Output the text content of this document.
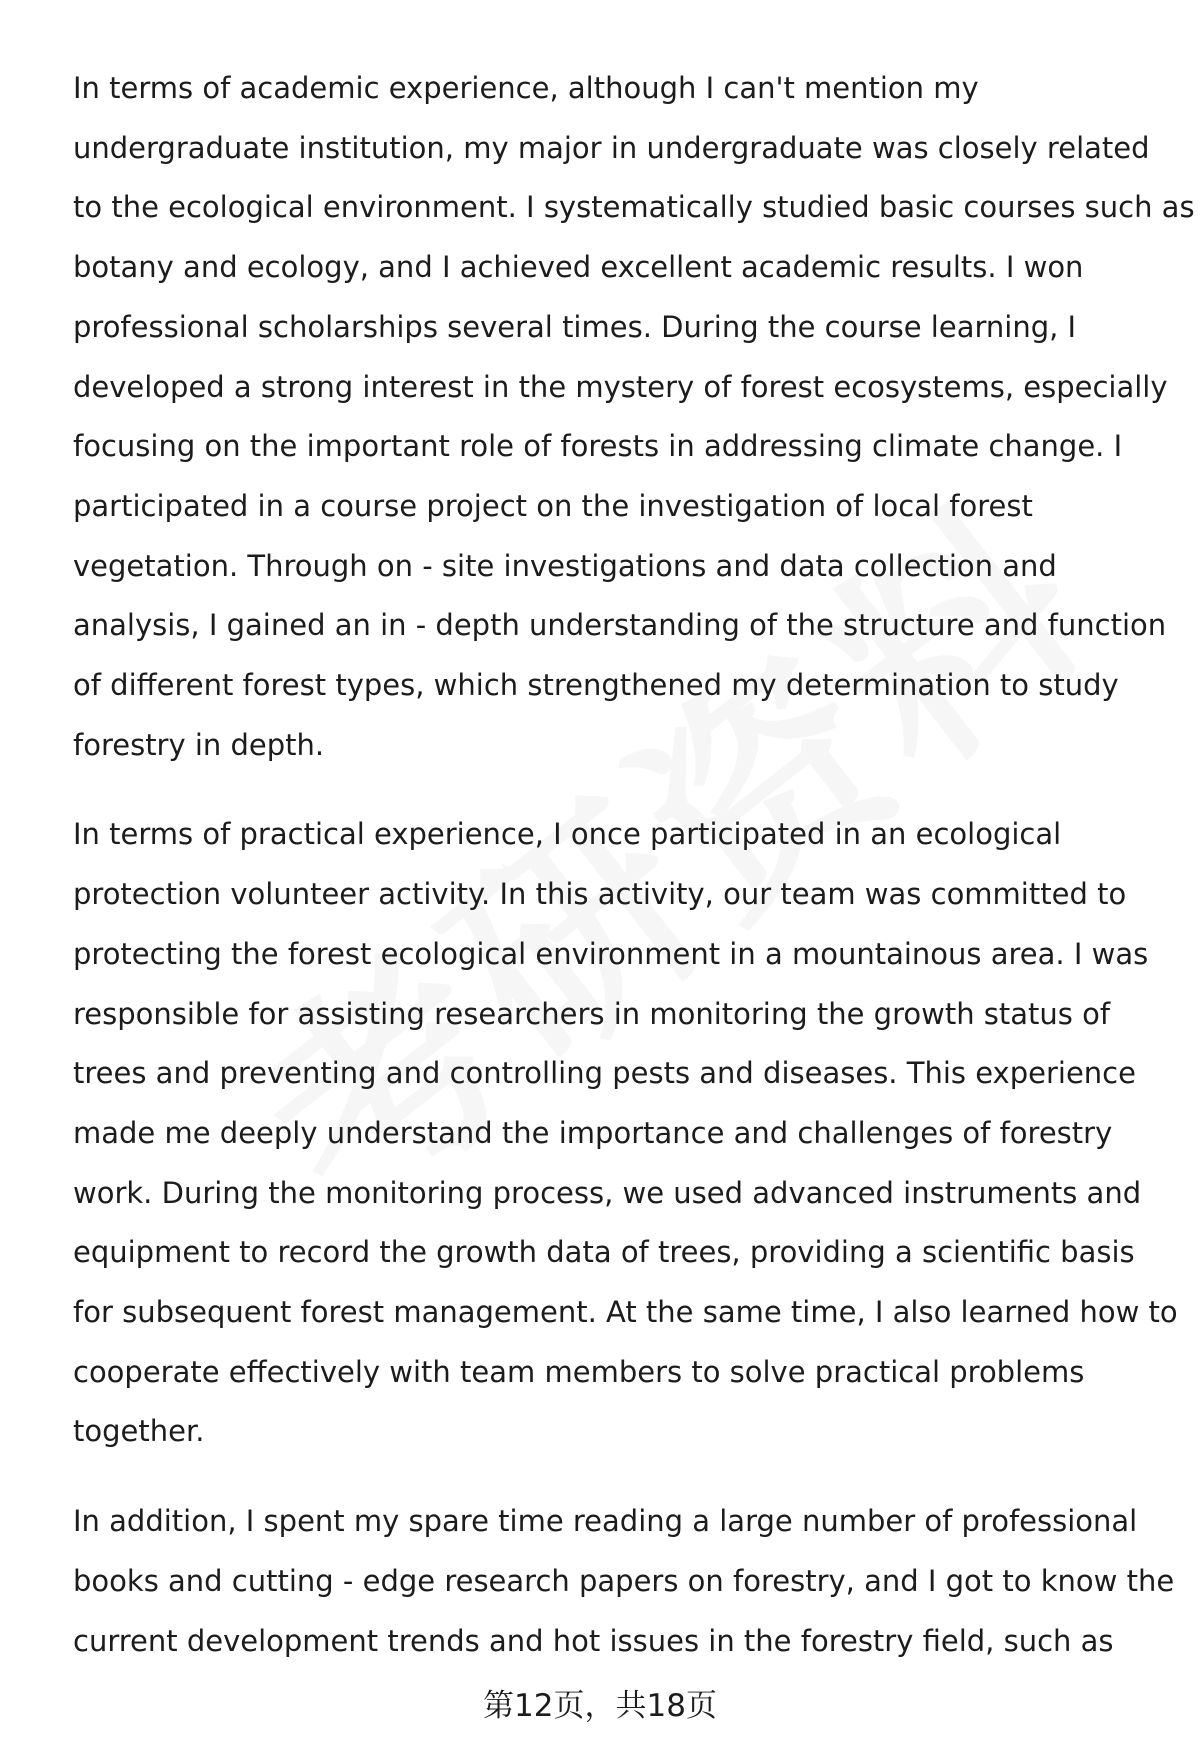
In terms of academic experience, although I can't mention my
undergraduate institution, my major in undergraduate was closely related
to the ecological environment. I systematically studied basic courses such as
botany and ecology, and I achieved excellent academic results. I won
professional scholarships several times. During the course learning, I
developed a strong interest in the mystery of forest ecosystems, especially
focusing on the important role of forests in addressing climate change. I
participated in a course project on the investigation of local forest
vegetation. Through on - site investigations and data collection and
analysis, I gained an in - depth understanding of the structure and function
of different forest types, which strengthened my determination to study
forestry in depth.
In terms of practical experience, I once participated in an ecological
protection volunteer activity. In this activity, our team was committed to
protecting the forest ecological environment in a mountainous area. I was
responsible for assisting researchers in monitoring the growth status of
trees and preventing and controlling pests and diseases. This experience
made me deeply understand the importance and challenges of forestry
work. During the monitoring process, we used advanced instruments and
equipment to record the growth data of trees, providing a scientific basis
for subsequent forest management. At the same time, I also learned how to
cooperate effectively with team members to solve practical problems
together.
In addition, I spent my spare time reading a large number of professional
books and cutting - edge research papers on forestry, and I got to know the
current development trends and hot issues in the forestry field, such as
第12页，共18页
